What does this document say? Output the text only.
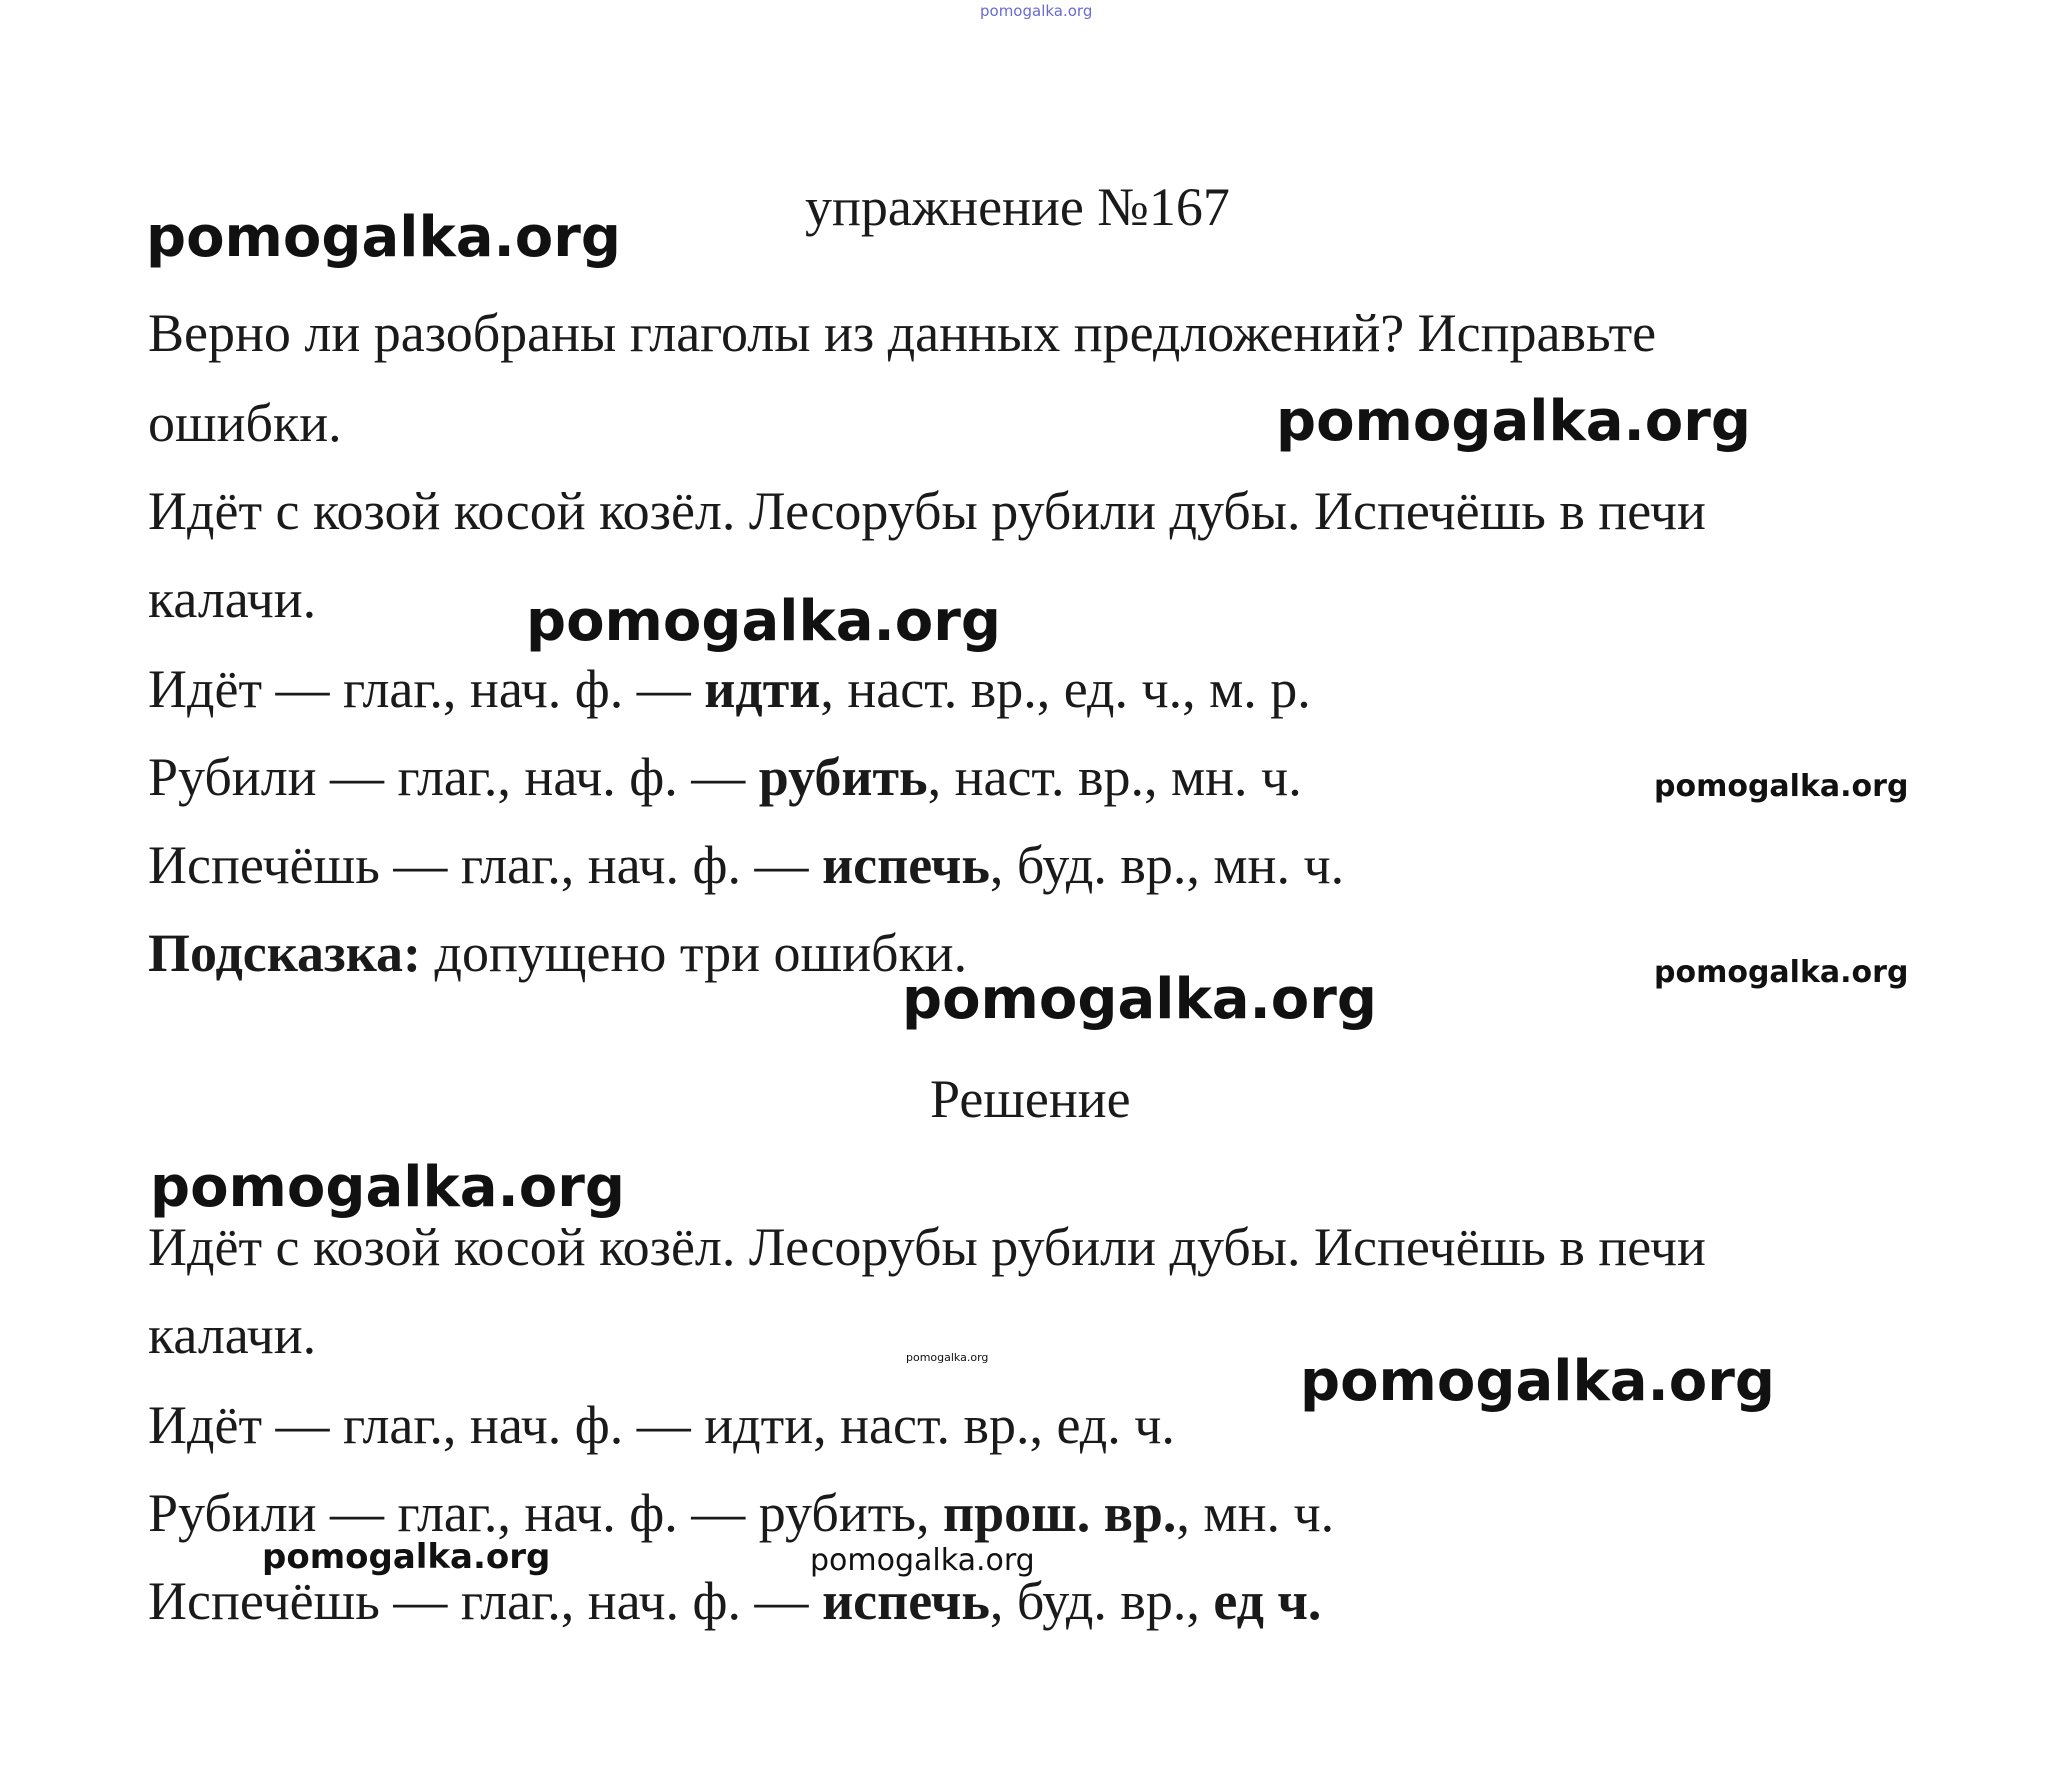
pomogalka.org
упражнение №167
Верно ли разобраны глаголы из данных предложений? Исправьте
ошибки.
Идёт с козой косой козёл. Лесорубы рубили дубы. Испечёшь в печи
калачи.
Идёт — глаг., нач. ф. — идти, наст. вр., ед. ч., м. р.
Рубили — глаг., нач. ф. — рубить, наст. вр., мн. ч.
Испечёшь — глаг., нач. ф. — испечь, буд. вр., мн. ч.
Подсказка: допущено три ошибки.
Решение
Идёт с козой косой козёл. Лесорубы рубили дубы. Испечёшь в печи
калачи.
Идёт — глаг., нач. ф. — идти, наст. вр., ед. ч.
Рубили — глаг., нач. ф. — рубить, прош. вр., мн. ч.
Испечёшь — глаг., нач. ф. — испечь, буд. вр., ед ч.
pomogalka.org
pomogalka.org
pomogalka.org
pomogalka.org
pomogalka.org
pomogalka.org
pomogalka.org
pomogalka.org	pomogalka.org
pomogalka.org	pomogalka.org
